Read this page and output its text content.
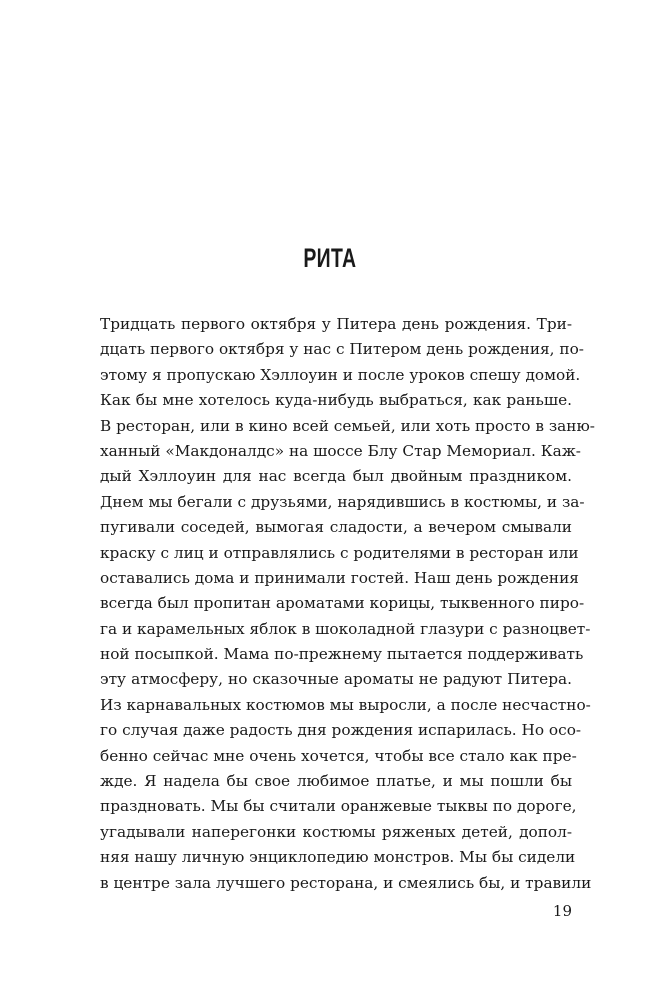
РИТА
Тридцать первого октября у Питера день рождения. Три-
дцать первого октября у нас с Питером день рождения, по-
этому я пропускаю Хэллоуин и после уроков спешу домой.
Как бы мне хотелось куда-нибудь выбраться, как раньше.
В ресторан, или в кино всей семьей, или хоть просто в заню-
ханный «Макдоналдс» на шоссе Блу Стар Мемориал. Каж-
дый Хэллоуин для нас всегда был двойным праздником.
Днем мы бегали с друзьями, нарядившись в костюмы, и за-
пугивали соседей, вымогая сладости, а вечером смывали
краску с лиц и отправлялись с родителями в ресторан или
оставались дома и принимали гостей. Наш день рождения
всегда был пропитан ароматами корицы, тыквенного пиро-
га и карамельных яблок в шоколадной глазури с разноцвет-
ной посыпкой. Мама по-прежнему пытается поддерживать
эту атмосферу, но сказочные ароматы не радуют Питера.
Из карнавальных костюмов мы выросли, а после несчастно-
го случая даже радость дня рождения испарилась. Но осо-
бенно сейчас мне очень хочется, чтобы все стало как пре-
жде. Я надела бы свое любимое платье, и мы пошли бы
праздновать. Мы бы считали оранжевые тыквы по дороге,
угадывали наперегонки костюмы ряженых детей, допол-
няя нашу личную энциклопедию монстров. Мы бы сидели
в центре зала лучшего ресторана, и смеялись бы, и травили
19
